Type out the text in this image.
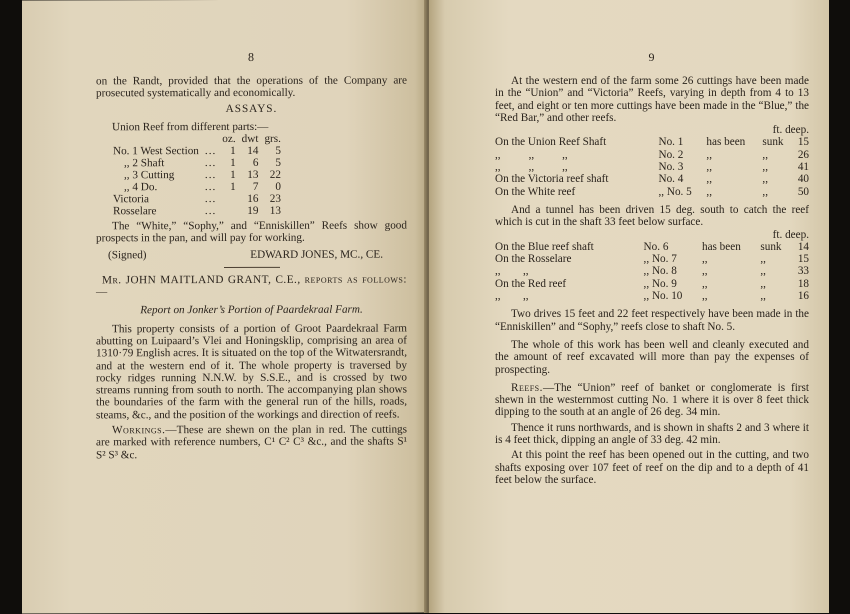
8

on the Randt, provided that the operations of the Company are prosecuted systematically and economically.

ASSAYS.

Union Reef from different parts:—

		oz.	dwt	grs.
No. 1 West Section	...	1	14	5
,, 2 Shaft	...	1	6	5
,, 3 Cutting	...	1	13	22
,, 4 Do.	...	1	7	0
Victoria	...		16	23
Rosselare	...		19	13

The “White,” “Sophy,” and “Enniskillen” Reefs show good prospects in the pan, and will pay for working.

(Signed)	EDWARD JONES, MC., CE.

Mr. JOHN MAITLAND GRANT, C.E., reports as follows:—

Report on Jonker’s Portion of Paardekraal Farm.

This property consists of a portion of Groot Paardekraal Farm abutting on Luipaard’s Vlei and Honingsklip, comprising an area of 1310·79 English acres. It is situated on the top of the Witwatersrandt, and at the western end of it. The whole property is traversed by rocky ridges running N.N.W. by S.S.E., and is crossed by two streams running from south to north. The accompanying plan shows the boundaries of the farm with the general run of the hills, roads, steams, &c., and the position of the workings and direction of reefs.

Workings.—These are shewn on the plan in red. The cuttings are marked with reference numbers, C¹ C² C³ &c., and the shafts S¹ S² S³ &c.

9

At the western end of the farm some 26 cuttings have been made in the “Union” and “Victoria” Reefs, varying in depth from 4 to 13 feet, and eight or ten more cuttings have been made in the “Blue,” the “Red Bar,” and other reefs.

ft. deep.
On the Union Reef Shaft	No. 1	has been	sunk	15
,,          ,,          ,,	No. 2	,,	,,	26
,,          ,,          ,,	No. 3	,,	,,	41
On the Victoria reef shaft	No. 4	,,	,,	40
On the White reef	,, No. 5	,,	,,	50

And a tunnel has been driven 15 deg. south to catch the reef which is cut in the shaft 33 feet below surface.

ft. deep.
On the Blue reef shaft	No. 6	has been	sunk	14
On the Rosselare	,, No. 7	,,	,,	15
,,        ,,	,, No. 8	,,	,,	33
On the Red reef	,, No. 9	,,	,,	18
,,        ,,	,, No. 10	,,	,,	16

Two drives 15 feet and 22 feet respectively have been made in the “Enniskillen” and “Sophy,” reefs close to shaft No. 5.

The whole of this work has been well and cleanly executed and the amount of reef excavated will more than pay the expenses of prospecting.

Reefs.—The “Union” reef of banket or conglomerate is first shewn in the westernmost cutting No. 1 where it is over 8 feet thick dipping to the south at an angle of 26 deg. 34 min.

Thence it runs northwards, and is shown in shafts 2 and 3 where it is 4 feet thick, dipping an angle of 33 deg. 42 min.

At this point the reef has been opened out in the cutting, and two shafts exposing over 107 feet of reef on the dip and to a depth of 41 feet below the surface.
